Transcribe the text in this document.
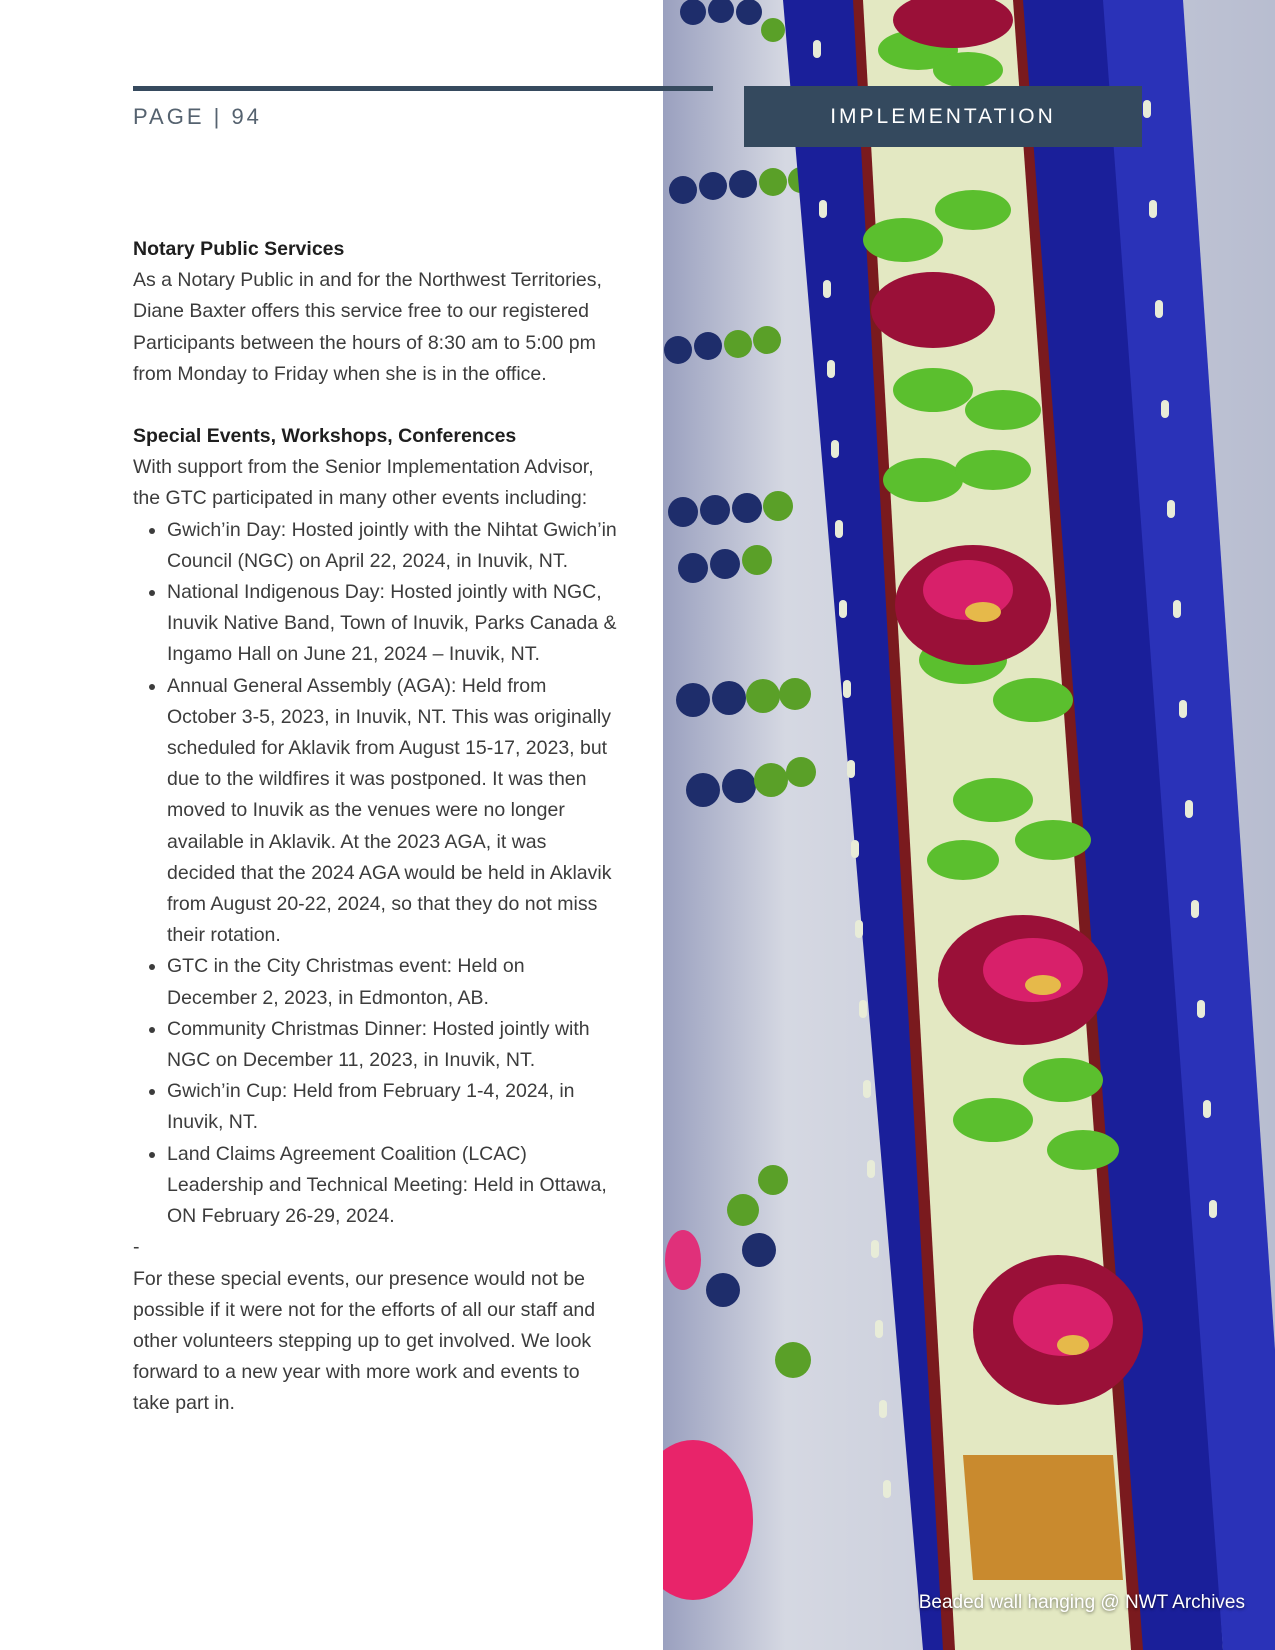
Beaded wall hanging @ NWT Archives
PAGE | 94	IMPLEMENTATION

Notary Public Services

As a Notary Public in and for the Northwest Territories, Diane Baxter offers this service free to our registered Participants between the hours of 8:30 am to 5:00 pm from Monday to Friday when she is in the office.

Special Events, Workshops, Conferences

With support from the Senior Implementation Advisor, the GTC participated in many other events including:

• Gwich’in Day: Hosted jointly with the Nihtat Gwich’in Council (NGC) on April 22, 2024, in Inuvik, NT.
• National Indigenous Day: Hosted jointly with NGC, Inuvik Native Band, Town of Inuvik, Parks Canada & Ingamo Hall on June 21, 2024 – Inuvik, NT.
• Annual General Assembly (AGA): Held from October 3-5, 2023, in Inuvik, NT. This was originally scheduled for Aklavik from August 15-17, 2023, but due to the wildfires it was postponed. It was then moved to Inuvik as the venues were no longer available in Aklavik. At the 2023 AGA, it was decided that the 2024 AGA would be held in Aklavik from August 20-22, 2024, so that they do not miss their rotation.
• GTC in the City Christmas event: Held on December 2, 2023, in Edmonton, AB.
• Community Christmas Dinner: Hosted jointly with NGC on December 11, 2023, in Inuvik, NT.
• Gwich’in Cup: Held from February 1-4, 2024, in Inuvik, NT.
• Land Claims Agreement Coalition (LCAC) Leadership and Technical Meeting: Held in Ottawa, ON February 26-29, 2024.

-

For these special events, our presence would not be possible if it were not for the efforts of all our staff and other volunteers stepping up to get involved. We look forward to a new year with more work and events to take part in.
